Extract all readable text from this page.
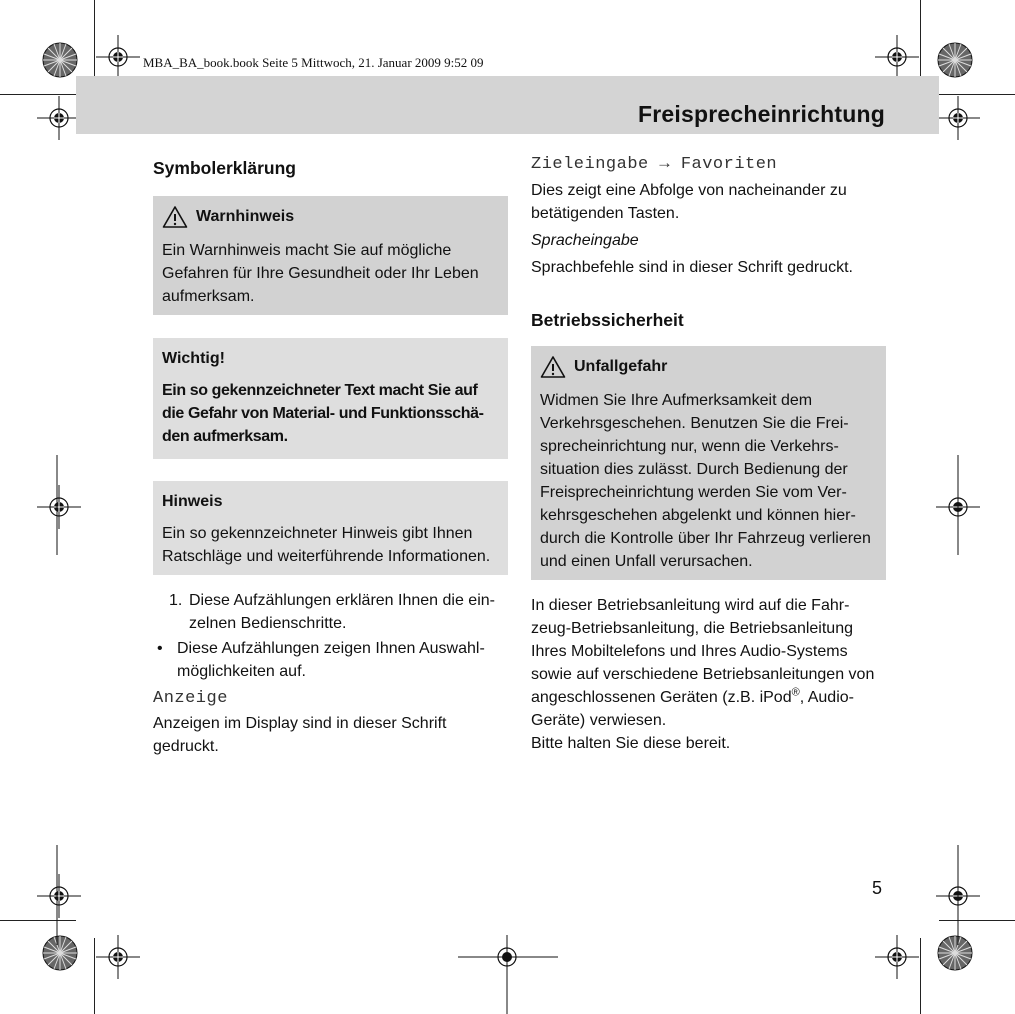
MBA_BA_book.book Seite 5 Mittwoch, 21. Januar 2009 9:52 09
Freisprecheinrichtung
Symbolerklärung
Warnhinweis

Ein Warnhinweis macht Sie auf mögliche Gefahren für Ihre Gesundheit oder Ihr Leben aufmerksam.

Wichtig!

Ein so gekennzeichneter Text macht Sie auf die Gefahr von Material- und Funktionsschä-den aufmerksam.

Hinweis

Ein so gekennzeichneter Hinweis gibt Ihnen Ratschläge und weiterführende Informationen.

1. Diese Aufzählungen erklären Ihnen die ein-zelnen Bedienschritte.
• Diese Aufzählungen zeigen Ihnen Auswahl-möglichkeiten auf.
Anzeige

Anzeigen im Display sind in dieser Schrift gedruckt.

Zieleingabe → Favoriten

Dies zeigt eine Abfolge von nacheinander zu betätigenden Tasten.

Spracheingabe

Sprachbefehle sind in dieser Schrift gedruckt.

Betriebssicherheit
Unfallgefahr

Widmen Sie Ihre Aufmerksamkeit dem Verkehrsgeschehen. Benutzen Sie die Frei-sprecheinrichtung nur, wenn die Verkehrs-situation dies zulässt. Durch Bedienung der Freisprecheinrichtung werden Sie vom Ver-kehrsgeschehen abgelenkt und können hier-durch die Kontrolle über Ihr Fahrzeug verlieren und einen Unfall verursachen.

In dieser Betriebsanleitung wird auf die Fahr-zeug-Betriebsanleitung, die Betriebsanleitung Ihres Mobiltelefons und Ihres Audio-Systems sowie auf verschiedene Betriebsanleitungen von angeschlossenen Geräten (z.B. iPod®, Audio-Geräte) verwiesen.

Bitte halten Sie diese bereit.

5
